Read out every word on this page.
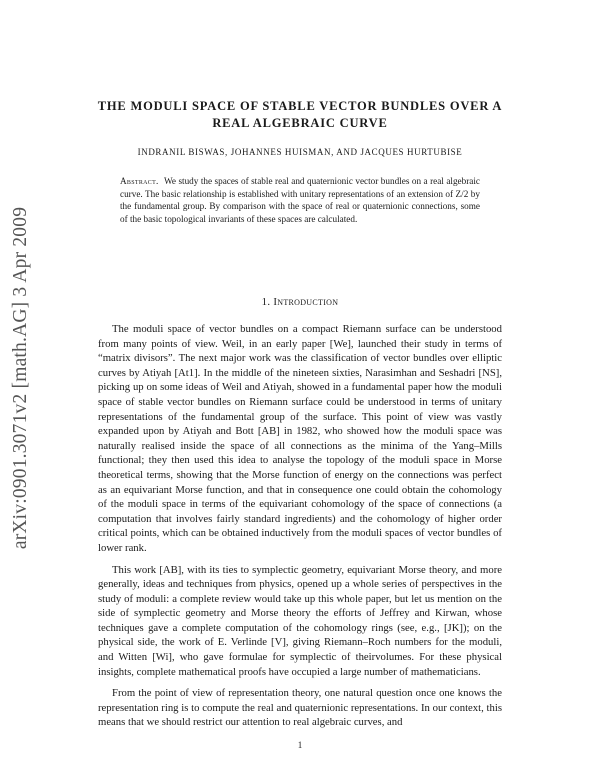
arXiv:0901.3071v2 [math.AG] 3 Apr 2009
THE MODULI SPACE OF STABLE VECTOR BUNDLES OVER A REAL ALGEBRAIC CURVE
INDRANIL BISWAS, JOHANNES HUISMAN, AND JACQUES HURTUBISE
Abstract. We study the spaces of stable real and quaternionic vector bundles on a real algebraic curve. The basic relationship is established with unitary representations of an extension of Z/2 by the fundamental group. By comparison with the space of real or quaternionic connections, some of the basic topological invariants of these spaces are calculated.
1. Introduction

The moduli space of vector bundles on a compact Riemann surface can be understood from many points of view. Weil, in an early paper [We], launched their study in terms of “matrix divisors”. The next major work was the classification of vector bundles over elliptic curves by Atiyah [At1]. In the middle of the nineteen sixties, Narasimhan and Seshadri [NS], picking up on some ideas of Weil and Atiyah, showed in a fundamental paper how the moduli space of stable vector bundles on Riemann surface could be understood in terms of unitary representations of the fundamental group of the surface. This point of view was vastly expanded upon by Atiyah and Bott [AB] in 1982, who showed how the moduli space was naturally realised inside the space of all connections as the minima of the Yang–Mills functional; they then used this idea to analyse the topology of the moduli space in Morse theoretical terms, showing that the Morse function of energy on the connections was perfect as an equivariant Morse function, and that in consequence one could obtain the cohomology of the moduli space in terms of the equivariant cohomology of the space of connections (a computation that involves fairly standard ingredients) and the cohomology of higher order critical points, which can be obtained inductively from the moduli spaces of vector bundles of lower rank.

This work [AB], with its ties to symplectic geometry, equivariant Morse theory, and more generally, ideas and techniques from physics, opened up a whole series of perspectives in the study of moduli: a complete review would take up this whole paper, but let us mention on the side of symplectic geometry and Morse theory the efforts of Jeffrey and Kirwan, whose techniques gave a complete computation of the cohomology rings (see, e.g., [JK]); on the physical side, the work of E. Verlinde [V], giving Riemann–Roch numbers for the moduli, and Witten [Wi], who gave formulae for symplectic of theirvolumes. For these physical insights, complete mathematical proofs have occupied a large number of mathematicians.

From the point of view of representation theory, one natural question once one knows the representation ring is to compute the real and quaternionic representations. In our context, this means that we should restrict our attention to real algebraic curves, and

1
